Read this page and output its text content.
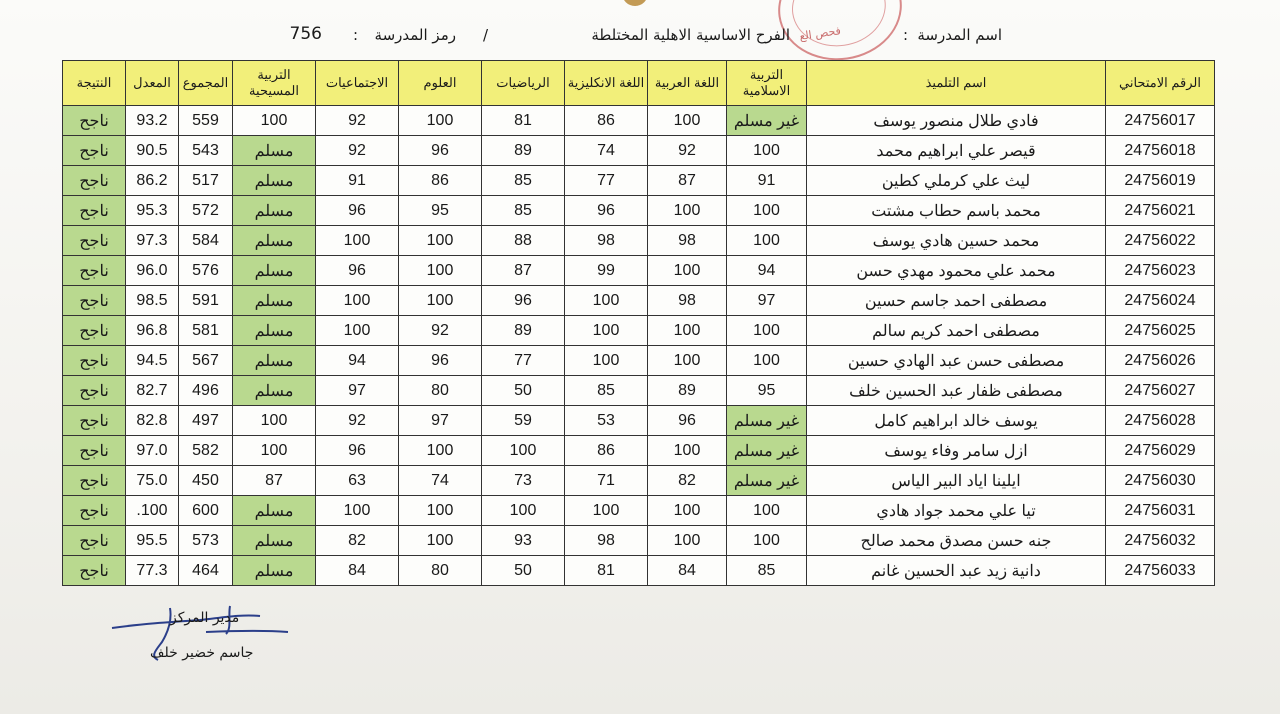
فحص الع	اسم المدرسة
:
الفرح الاساسية الاهلية المختلطة
/
رمز المدرسة
:
756
الرقم الامتحاني	اسم التلميذ	التربية الاسلامية	اللغة العربية	اللغة الانكليزية	الرياضيات	العلوم	الاجتماعيات	التربية المسيحية	المجموع	المعدل	النتيجة
24756017	فادي طلال منصور يوسف	غير مسلم	100	86	81	100	92	100	559	93.2	ناجح
24756018	قيصر علي ابراهيم محمد	100	92	74	89	96	92	مسلم	543	90.5	ناجح
24756019	ليث علي كرملي كطين	91	87	77	85	86	91	مسلم	517	86.2	ناجح
24756021	محمد باسم حطاب مشتت	100	100	96	85	95	96	مسلم	572	95.3	ناجح
24756022	محمد حسين هادي يوسف	100	98	98	88	100	100	مسلم	584	97.3	ناجح
24756023	محمد علي محمود مهدي حسن	94	100	99	87	100	96	مسلم	576	96.0	ناجح
24756024	مصطفى احمد جاسم حسين	97	98	100	96	100	100	مسلم	591	98.5	ناجح
24756025	مصطفى احمد كريم سالم	100	100	100	89	92	100	مسلم	581	96.8	ناجح
24756026	مصطفى حسن عبد الهادي حسين	100	100	100	77	96	94	مسلم	567	94.5	ناجح
24756027	مصطفى ظفار عبد الحسين خلف	95	89	85	50	80	97	مسلم	496	82.7	ناجح
24756028	يوسف خالد ابراهيم كامل	غير مسلم	96	53	59	97	92	100	497	82.8	ناجح
24756029	ازل سامر وفاء يوسف	غير مسلم	100	86	100	100	96	100	582	97.0	ناجح
24756030	ايلينا اياد البير الياس	غير مسلم	82	71	73	74	63	87	450	75.0	ناجح
24756031	تيا علي محمد جواد هادي	100	100	100	100	100	100	مسلم	600	100.	ناجح
24756032	جنه حسن مصدق محمد صالح	100	100	98	93	100	82	مسلم	573	95.5	ناجح
24756033	دانية زيد عبد الحسين غانم	85	84	81	50	80	84	مسلم	464	77.3	ناجح
مدير المركز
جاسم خضير خلف
